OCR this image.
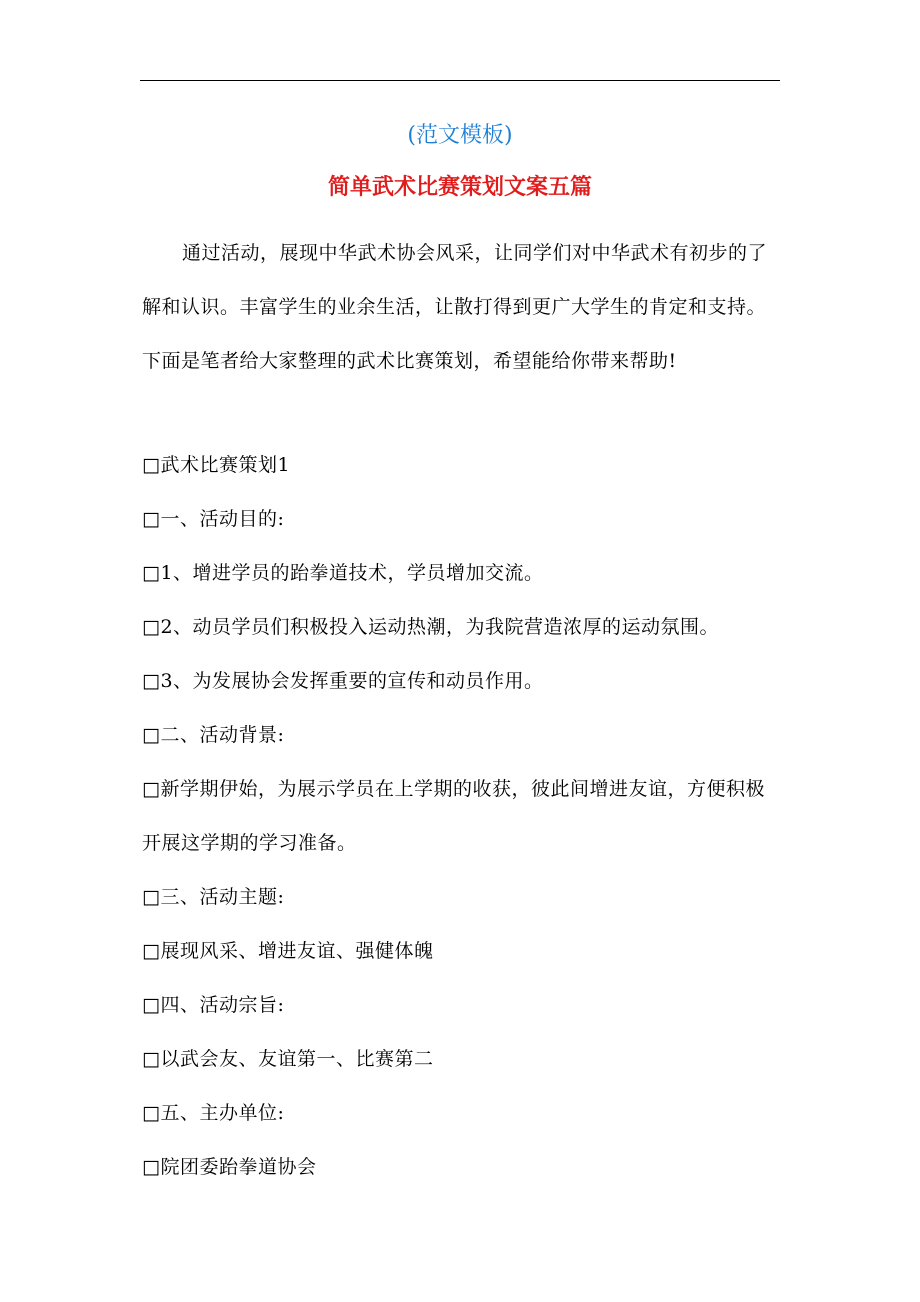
(范文模板)
简单武术比赛策划文案五篇

通过活动，展现中华武术协会风采，让同学们对中华武术有初步的了解和认识。丰富学生的业余生活，让散打得到更广大学生的肯定和支持。下面是笔者给大家整理的武术比赛策划，希望能给你带来帮助!

□武术比赛策划1
□一、活动目的:
□1、增进学员的跆拳道技术，学员增加交流。
□2、动员学员们积极投入运动热潮，为我院营造浓厚的运动氛围。
□3、为发展协会发挥重要的宣传和动员作用。
□二、活动背景:
□新学期伊始，为展示学员在上学期的收获，彼此间增进友谊，方便积极开展这学期的学习准备。
□三、活动主题:
□展现风采、增进友谊、强健体魄
□四、活动宗旨:
□以武会友、友谊第一、比赛第二
□五、主办单位:
□院团委跆拳道协会
